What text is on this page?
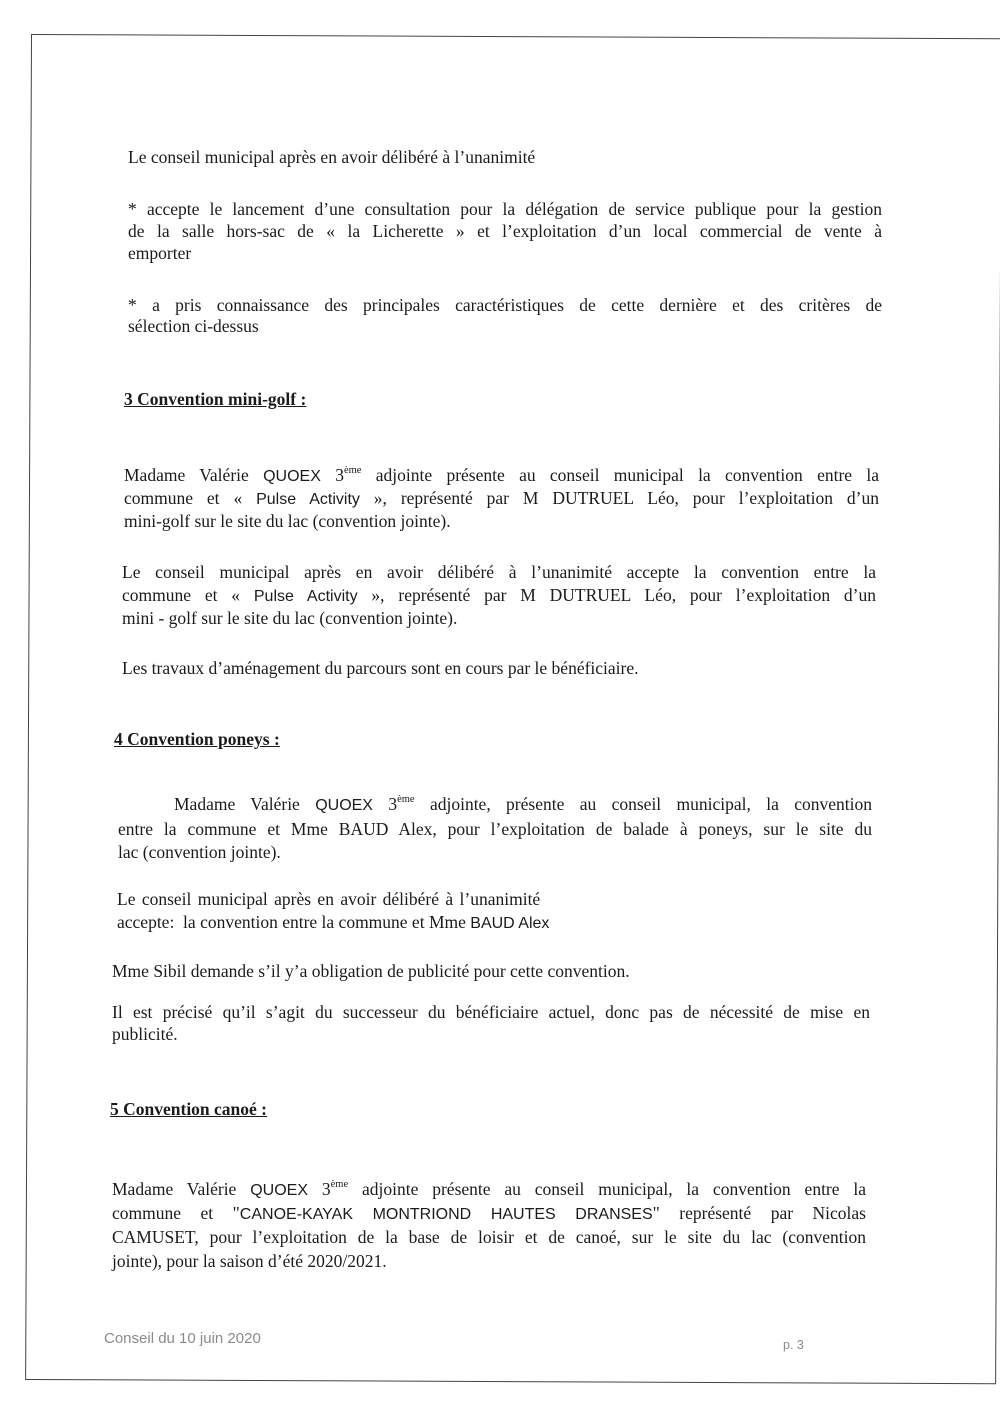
Le conseil municipal après en avoir délibéré à l’unanimité
* accepte le lancement d’une consultation pour la délégation de service publique pour la gestion
de la salle hors-sac de « la Licherette » et l’exploitation d’un local commercial de vente à
emporter
* a pris connaissance des principales caractéristiques de cette dernière et des critères de
sélection ci-dessus
3 Convention mini-golf :
Madame Valérie QUOEX 3ème adjointe présente au conseil municipal la convention entre la
commune et « Pulse Activity », représenté par M DUTRUEL Léo, pour l’exploitation d’un
mini-golf sur le site du lac (convention jointe).
Le conseil municipal après en avoir délibéré à l’unanimité accepte la convention entre la
commune et « Pulse Activity », représenté par M DUTRUEL Léo, pour l’exploitation d’un
mini - golf sur le site du lac (convention jointe).
Les travaux d’aménagement du parcours sont en cours par le bénéficiaire.
4 Convention poneys :
Madame Valérie QUOEX 3ème adjointe, présente au conseil municipal, la convention
entre la commune et Mme BAUD Alex, pour l’exploitation de balade à poneys, sur le site du
lac (convention jointe).
Le conseil municipal après en avoir délibéré à l’unanimité
accepte:  la convention entre la commune et Mme BAUD Alex
Mme Sibil demande s’il y’a obligation de publicité pour cette convention.
Il est précisé qu’il s’agit du successeur du bénéficiaire actuel, donc pas de nécessité de mise en
publicité.
5 Convention canoé :
Madame Valérie QUOEX 3ème adjointe présente au conseil municipal, la convention entre la
commune et "CANOE-KAYAK MONTRIOND HAUTES DRANSES" représenté par Nicolas
CAMUSET, pour l’exploitation de la base de loisir et de canoé, sur le site du lac (convention
jointe), pour la saison d’été 2020/2021.
Conseil du 10 juin 2020	p. 3
